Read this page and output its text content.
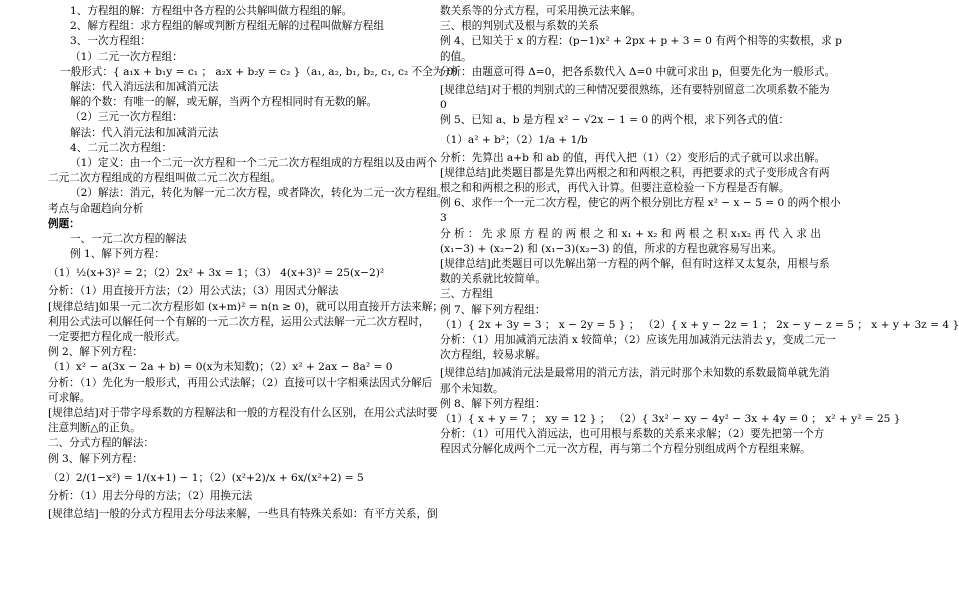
1、方程组的解：方程组中各方程的公共解叫做方程组的解。
2、解方程组：求方程组的解或判断方程组无解的过程叫做解方程组
3、一次方程组：
（1）二元一次方程组：
一般形式：{ a₁x + b₁y = c₁ ； a₂x + b₂y = c₂ }（a₁, a₂, b₁, b₂, c₁, c₂ 不全为 0）
解法：代入消远法和加减消元法
解的个数：有唯一的解，或无解，当两个方程相同时有无数的解。
（2）三元一次方程组：
解法：代入消元法和加减消元法
4、二元二次方程组：
（1）定义：由一个二元一次方程和一个二元二次方程组成的方程组以及由两个
二元二次方程组成的方程组叫做二元二次方程组。
（2）解法：消元，转化为解一元二次方程，或者降次，转化为二元一次方程组。
考点与命题趋向分析
例题：
一、一元二次方程的解法
例 1、解下列方程：
（1）½(x+3)² = 2；（2）2x² + 3x = 1；（3） 4(x+3)² = 25(x−2)²
分析：（1）用直接开方法；（2）用公式法；（3）用因式分解法
[规律总结]如果一元二次方程形如 (x+m)² = n(n ≥ 0)，就可以用直接开方法来解；
利用公式法可以解任何一个有解的一元二次方程，运用公式法解一元二次方程时，
一定要把方程化成一般形式。
例 2、解下列方程：
（1）x² − a(3x − 2a + b) = 0(x为未知数)；（2）x² + 2ax − 8a² = 0
分析：（1）先化为一般形式，再用公式法解；（2）直接可以十字相乘法因式分解后
可求解。
[规律总结]对于带字母系数的方程解法和一般的方程没有什么区别，在用公式法时要
注意判断△的正负。
二、分式方程的解法：
例 3、解下列方程：
（2）2/(1−x²) = 1/(x+1) − 1；（2）(x²+2)/x + 6x/(x²+2) = 5
分析：（1）用去分母的方法；（2）用换元法
[规律总结]一般的分式方程用去分母法来解，一些具有特殊关系如：有平方关系，倒
数关系等的分式方程，可采用换元法来解。
三、根的判别式及根与系数的关系
例 4、已知关于 x 的方程：(p−1)x² + 2px + p + 3 = 0 有两个相等的实数根，求 p
的值。
分析：由题意可得 Δ=0，把各系数代入 Δ=0 中就可求出 p，但要先化为一般形式。
[规律总结]对于根的判别式的三种情况要很熟练，还有要特别留意二次项系数不能为
0
例 5、已知 a、b 是方程 x² − √2x − 1 = 0 的两个根，求下列各式的值：
（1）a² + b²；（2）1/a + 1/b
分析：先算出 a+b 和 ab 的值，再代入把（1）（2）变形后的式子就可以求出解。
[规律总结]此类题目都是先算出两根之和和两根之积，再把要求的式子变形成含有两
根之和和两根之积的形式，再代入计算。但要注意检验一下方程是否有解。
例 6、求作一个一元二次方程，使它的两个根分别比方程 x² − x − 5 = 0 的两个根小
3
分 析 ： 先 求 原 方 程 的 两 根 之 和 x₁ + x₂ 和 两 根 之 积 x₁x₂ 再 代 入 求 出
(x₁−3) + (x₂−2) 和 (x₁−3)(x₂−3) 的值，所求的方程也就容易写出来。
[规律总结]此类题目可以先解出第一方程的两个解，但有时这样又太复杂，用根与系
数的关系就比较简单。
三、方程组
例 7、解下列方程组：
（1）{ 2x + 3y = 3 ； x − 2y = 5 } ； （2）{ x + y − 2z = 1 ； 2x − y − z = 5 ； x + y + 3z = 4 }
分析：（1）用加减消元法消 x 较简单；（2）应该先用加减消元法消去 y，变成二元一
次方程组，较易求解。
[规律总结]加减消元法是最常用的消元方法，消元时那个未知数的系数最简单就先消
那个未知数。
例 8、解下列方程组：
（1）{ x + y = 7 ； xy = 12 } ； （2）{ 3x² − xy − 4y² − 3x + 4y = 0 ； x² + y² = 25 }
分析：（1）可用代入消远法，也可用根与系数的关系来求解；（2）要先把第一个方
程因式分解化成两个二元一次方程，再与第二个方程分别组成两个方程组来解。
